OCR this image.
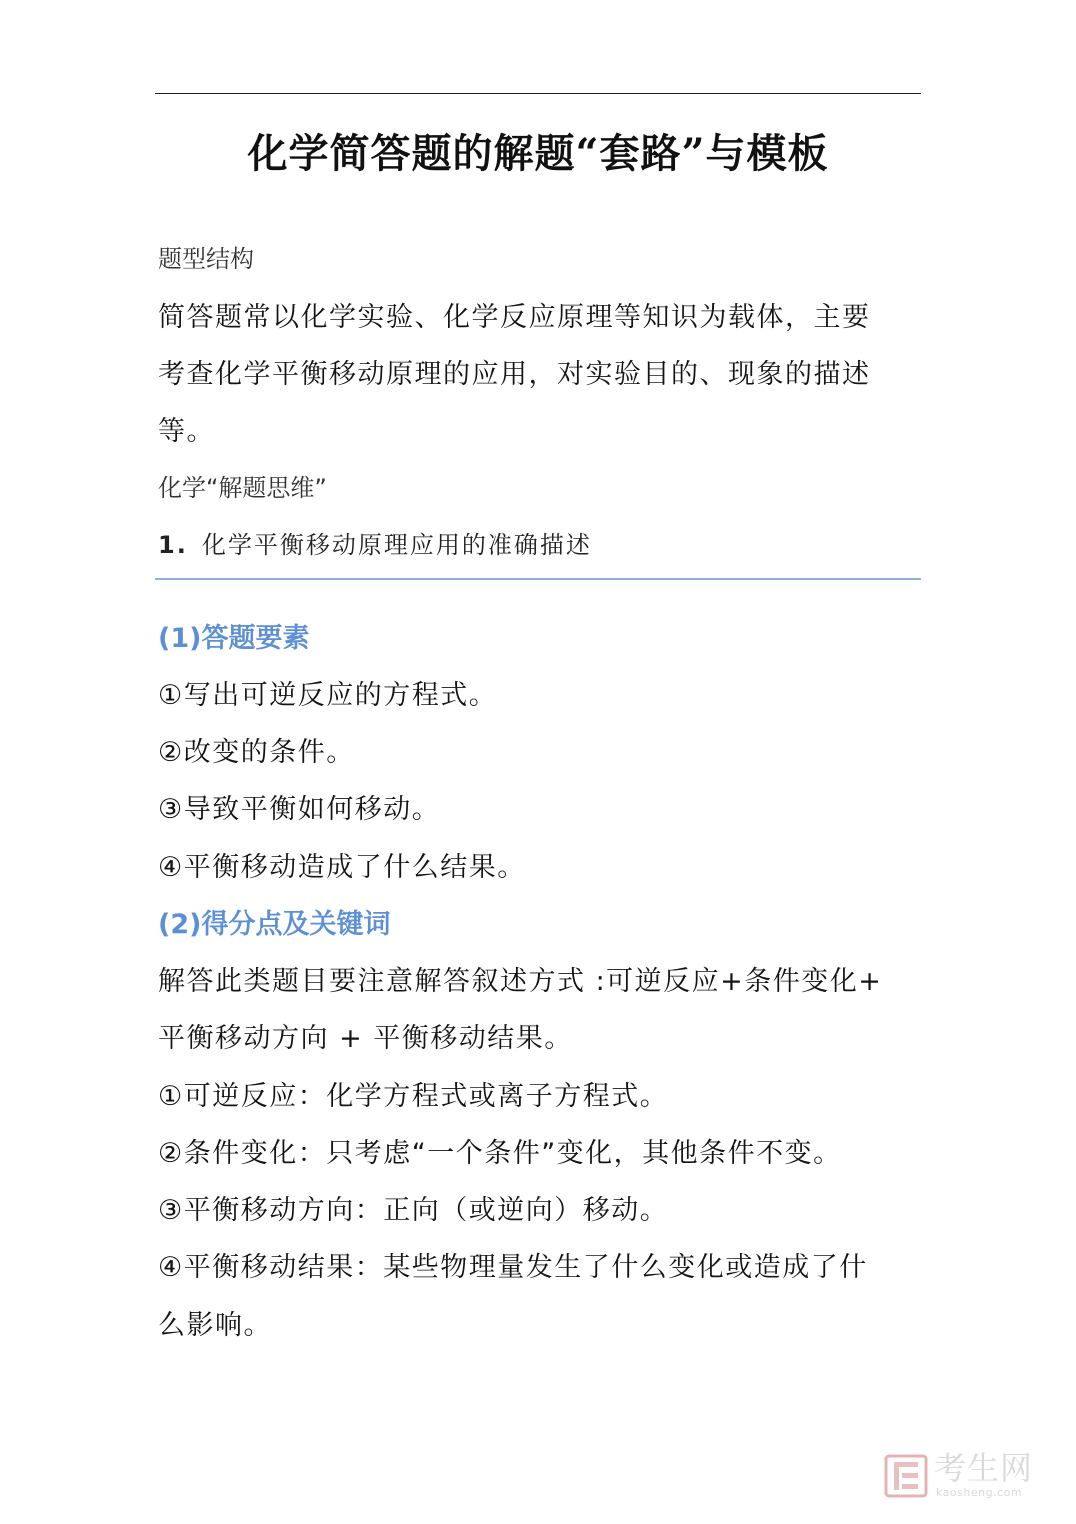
化学简答题的解题“套路”与模板
题型结构
简答题常以化学实验、化学反应原理等知识为载体，主要
考查化学平衡移动原理的应用，对实验目的、现象的描述
等。
化学“解题思维”
1. 化学平衡移动原理应用的准确描述
(1)答题要素
①写出可逆反应的方程式。
②改变的条件。
③导致平衡如何移动。
④平衡移动造成了什么结果。
(2)得分点及关键词
解答此类题目要注意解答叙述方式 :可逆反应+条件变化+
平衡移动方向 + 平衡移动结果。
①可逆反应：化学方程式或离子方程式。
②条件变化：只考虑“一个条件”变化，其他条件不变。
③平衡移动方向：正向（或逆向）移动。
④平衡移动结果：某些物理量发生了什么变化或造成了什
么影响。
考生网
kaosheng.com
